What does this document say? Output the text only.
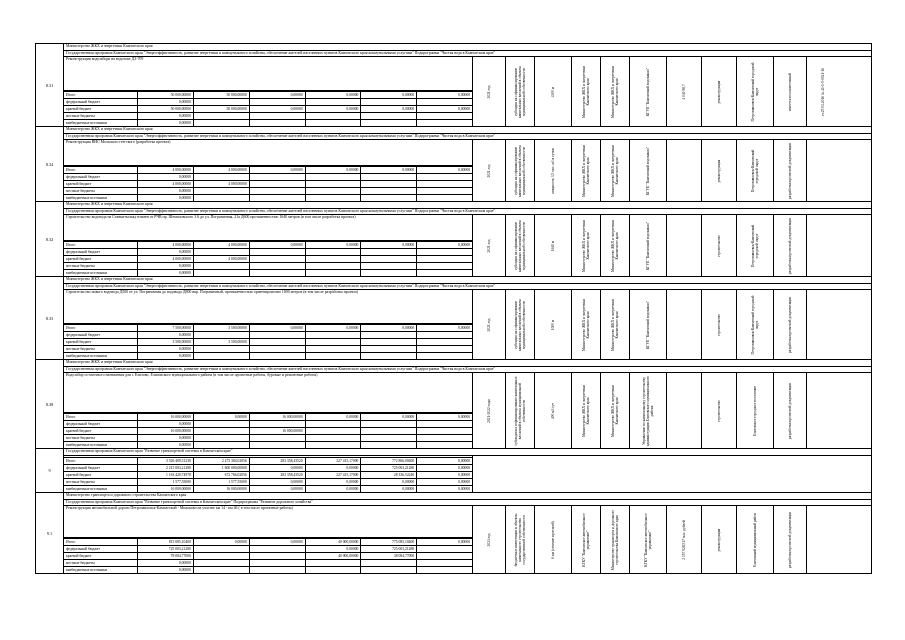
8.31
Министерство ЖКХ и энергетики Камчатского края
Государственная программа Камчатского края "Энергоэффективность, развитие энергетики и коммунального хозяйства, обеспечение жителей населенных пунктов Камчатского края коммунальными услугами" Подпрограмма "Чистая вода в Камчатском крае"
Реконструкция водозабора на водотоке ДЗ-709
Итого	50 000,00000	50 000,00000	0,00000	0,00000	0,00000	0,00000
федеральный бюджет	0,00000
краевой бюджет	50 000,00000	50 000,00000	0,00000	0,00000	0,00000	0,00000
местные бюджеты	0,00000
внебюджетные источники	0,00000
2021 год	субсидия на софинансирование капитальных вложений в объекты муниципальной собственности	4300 м	Министерство ЖКХ и энергетики Камчатского края	Министерство ЖКХ и энергетики Камчатского края	КГУП "Камчатский водоканал"	4 040 98,7	реконструкция	Петропавловск-Камчатский городской округ	имеется положительный	ст.25 01.2016 № 41-1-5-0021-16
8.34
Министерство ЖКХ и энергетики Камчатского края
Государственная программа Камчатского края "Энергоэффективность, развитие энергетики и коммунального хозяйства, обеспечение жителей населенных пунктов Камчатского края коммунальными услугами" Подпрограмма "Чистая вода в Камчатском крае"
Реконструкция ВНС Мольского ген-ского (разработка проекта)
Итого	4 000,00000	4 000,00000	0,00000	0,00000	0,00000	0,00000
федеральный бюджет	0,00000
краевой бюджет	4 000,00000	4 000,00000
местные бюджеты	0,00000
внебюджетные источники	0,00000
2021 год	субсидия на софинансирование капитальных вложений в объекты муниципальной собственности	мощность 3,5 тыс. м3 в сутки	Министерство ЖКХ и энергетики Камчатского края	Министерство ЖКХ и энергетики Камчатского края	КГУП "Камчатский водоканал"	реконструкция	Петропавловск-Камчатский городской округ	разработка проектной документации
8.32
Министерство ЖКХ и энергетики Камчатского края
Государственная программа Камчатского края "Энергоэффективность, развитие энергетики и коммунального хозяйства, обеспечение жителей населенных пунктов Камчатского края коммунальными услугами" Подпрограмма "Чистая вода в Камчатском крае"
Строительство водовода на Ставки-вальку взамен от РЧВ пр. Шемиловского 3.6 до ул. Пограничная, 21а Д600 протяженностью 1640 метров (в том числе разработка проекта)
Итого	4 000,00000	4 000,00000	0,00000	0,00000	0,00000	0,00000
федеральный бюджет	0,00000
краевой бюджет	4 000,00000	4 000,00000
местные бюджеты	0,00000
внебюджетные источники	0,00000
2021 год	субсидия на софинансирование капитальных вложений в объекты муниципальной собственности	1640 м	Министерство ЖКХ и энергетики Камчатского края	Министерство ЖКХ и энергетики Камчатского края	КГУП "Камчатский водоканал"	строительство	Петропавловск-Камчатский городской округ	разработка проектной документации
8.33
Министерство ЖКХ и энергетики Камчатского края
Государственная программа Камчатского края "Энергоэффективность, развитие энергетики и коммунального хозяйства, обеспечение жителей населенных пунктов Камчатского края коммунальными услугами" Подпрограмма "Чистая вода в Камчатском крае"
Строительство нового водовода Д500 от ул. Пограничная до водовода Д800 вкр. Пограничный, протяженностью ориентировочно 1000 метров (в том числе разработка проекта)
Итого	7 500,00000	3 500,00000	0,00000	0,00000	0,00000	0,00000
федеральный бюджет	0,00000
краевой бюджет	3 500,00000	3 500,00000
местные бюджеты	0,00000
внебюджетные источники	0,00000
2021 год	субсидия на софинансирование капитальных вложений в объекты муниципальной собственности	1000 м	Министерство ЖКХ и энергетики Камчатского края	Министерство ЖКХ и энергетики Камчатского края	КГУП "Камчатский водоканал"	строительство	Петропавловск-Камчатский городской округ	разработка проектной документации
8.38
Министерство ЖКХ и энергетики Камчатского края
Государственная программа Камчатского края "Энергоэффективность, развитие энергетики и коммунального хозяйства, обеспечение жителей населенных пунктов Камчатского края коммунальными услугами" Подпрограмма "Чистая вода в Камчатском крае"
Водозабор остаточного назначения для г. Елизово, Елизовского муниципального района (в том числе проектные работы, буровые и ремонтные работы)
Итого	16 000,00000	0,00000	16 000,00000	0,00000	0,00000	0,00000
федеральный бюджет	0,00000
краевой бюджет	16 000,00000	16 000,00000
местные бюджеты	0,00000
внебюджетные источники	0,00000
2021-2022 годы	субсидия на софинансирование капитальных вложений в объекты муниципальной собственности	400 м3/сут	Министерство ЖКХ и энергетики Камчатского края	Министерство ЖКХ и энергетики Камчатского края	Управление по капитальному строительству администрации Елизовского муниципального района	строительство	Елизовское городское поселение	разработка проектной документации
9
Государственная программа Камчатского края "Развитие транспортной системы в Камчатском крае"
Итого	3 526 409,51238	2 273 384,02056	283 358,43520	227 415,17000	772 866,00400	0,00000
федеральный бюджет	2 215 003,21280	1 600 000,00000	0,00000	0,00000	725 003,21280	0,00000
краевой бюджет	1 163 420,74978	672 766,02056	283 358,43520	227 415,17000	28 336,52240	0,00000
местные бюджеты	1 577,55000	1 577,55000	0,00000	0,00000	0,00000	0,00000
внебюджетные источники	16 000,00000	16 000,00000	0,00000	0,00000	0,00000	0,00000
9.1
Министерство транспорта и дорожного строительства Камчатского края
Государственная программа Камчатского края "Развитие транспортной системы в Камчатском крае" Подпрограмма "Развитие дорожного хозяйства"
Реконструкция автомобильной дороги Петропавловск-Камчатский - Мильково на участке км 14 - км 46 ( в том числе проектные работы)
Итого	815 085,10400	0,00000	0,00000	40 000,00000	775 085,10400	0,00000
федеральный бюджет	725 003,21280	0,00000	725 003,21280
краевой бюджет	78 084,77000	40 000,00000	38 084,77000
местные бюджеты	0,00000
внебюджетные источники	0,00000
2024 год	бюджетные инвестиции в объекты капитального строительства государственной собственности	6 км (сечение проезжей)	КГКУ "Камчатское автомобильное управление"	Министерство транспорта и дорожного строительства Камчатского края	КГКУ "Камчатское автомобильное управление"	2 157 928,517 тыс. рублей	реконструкция	Елизовский муниципальный район	разработка проектной документации
